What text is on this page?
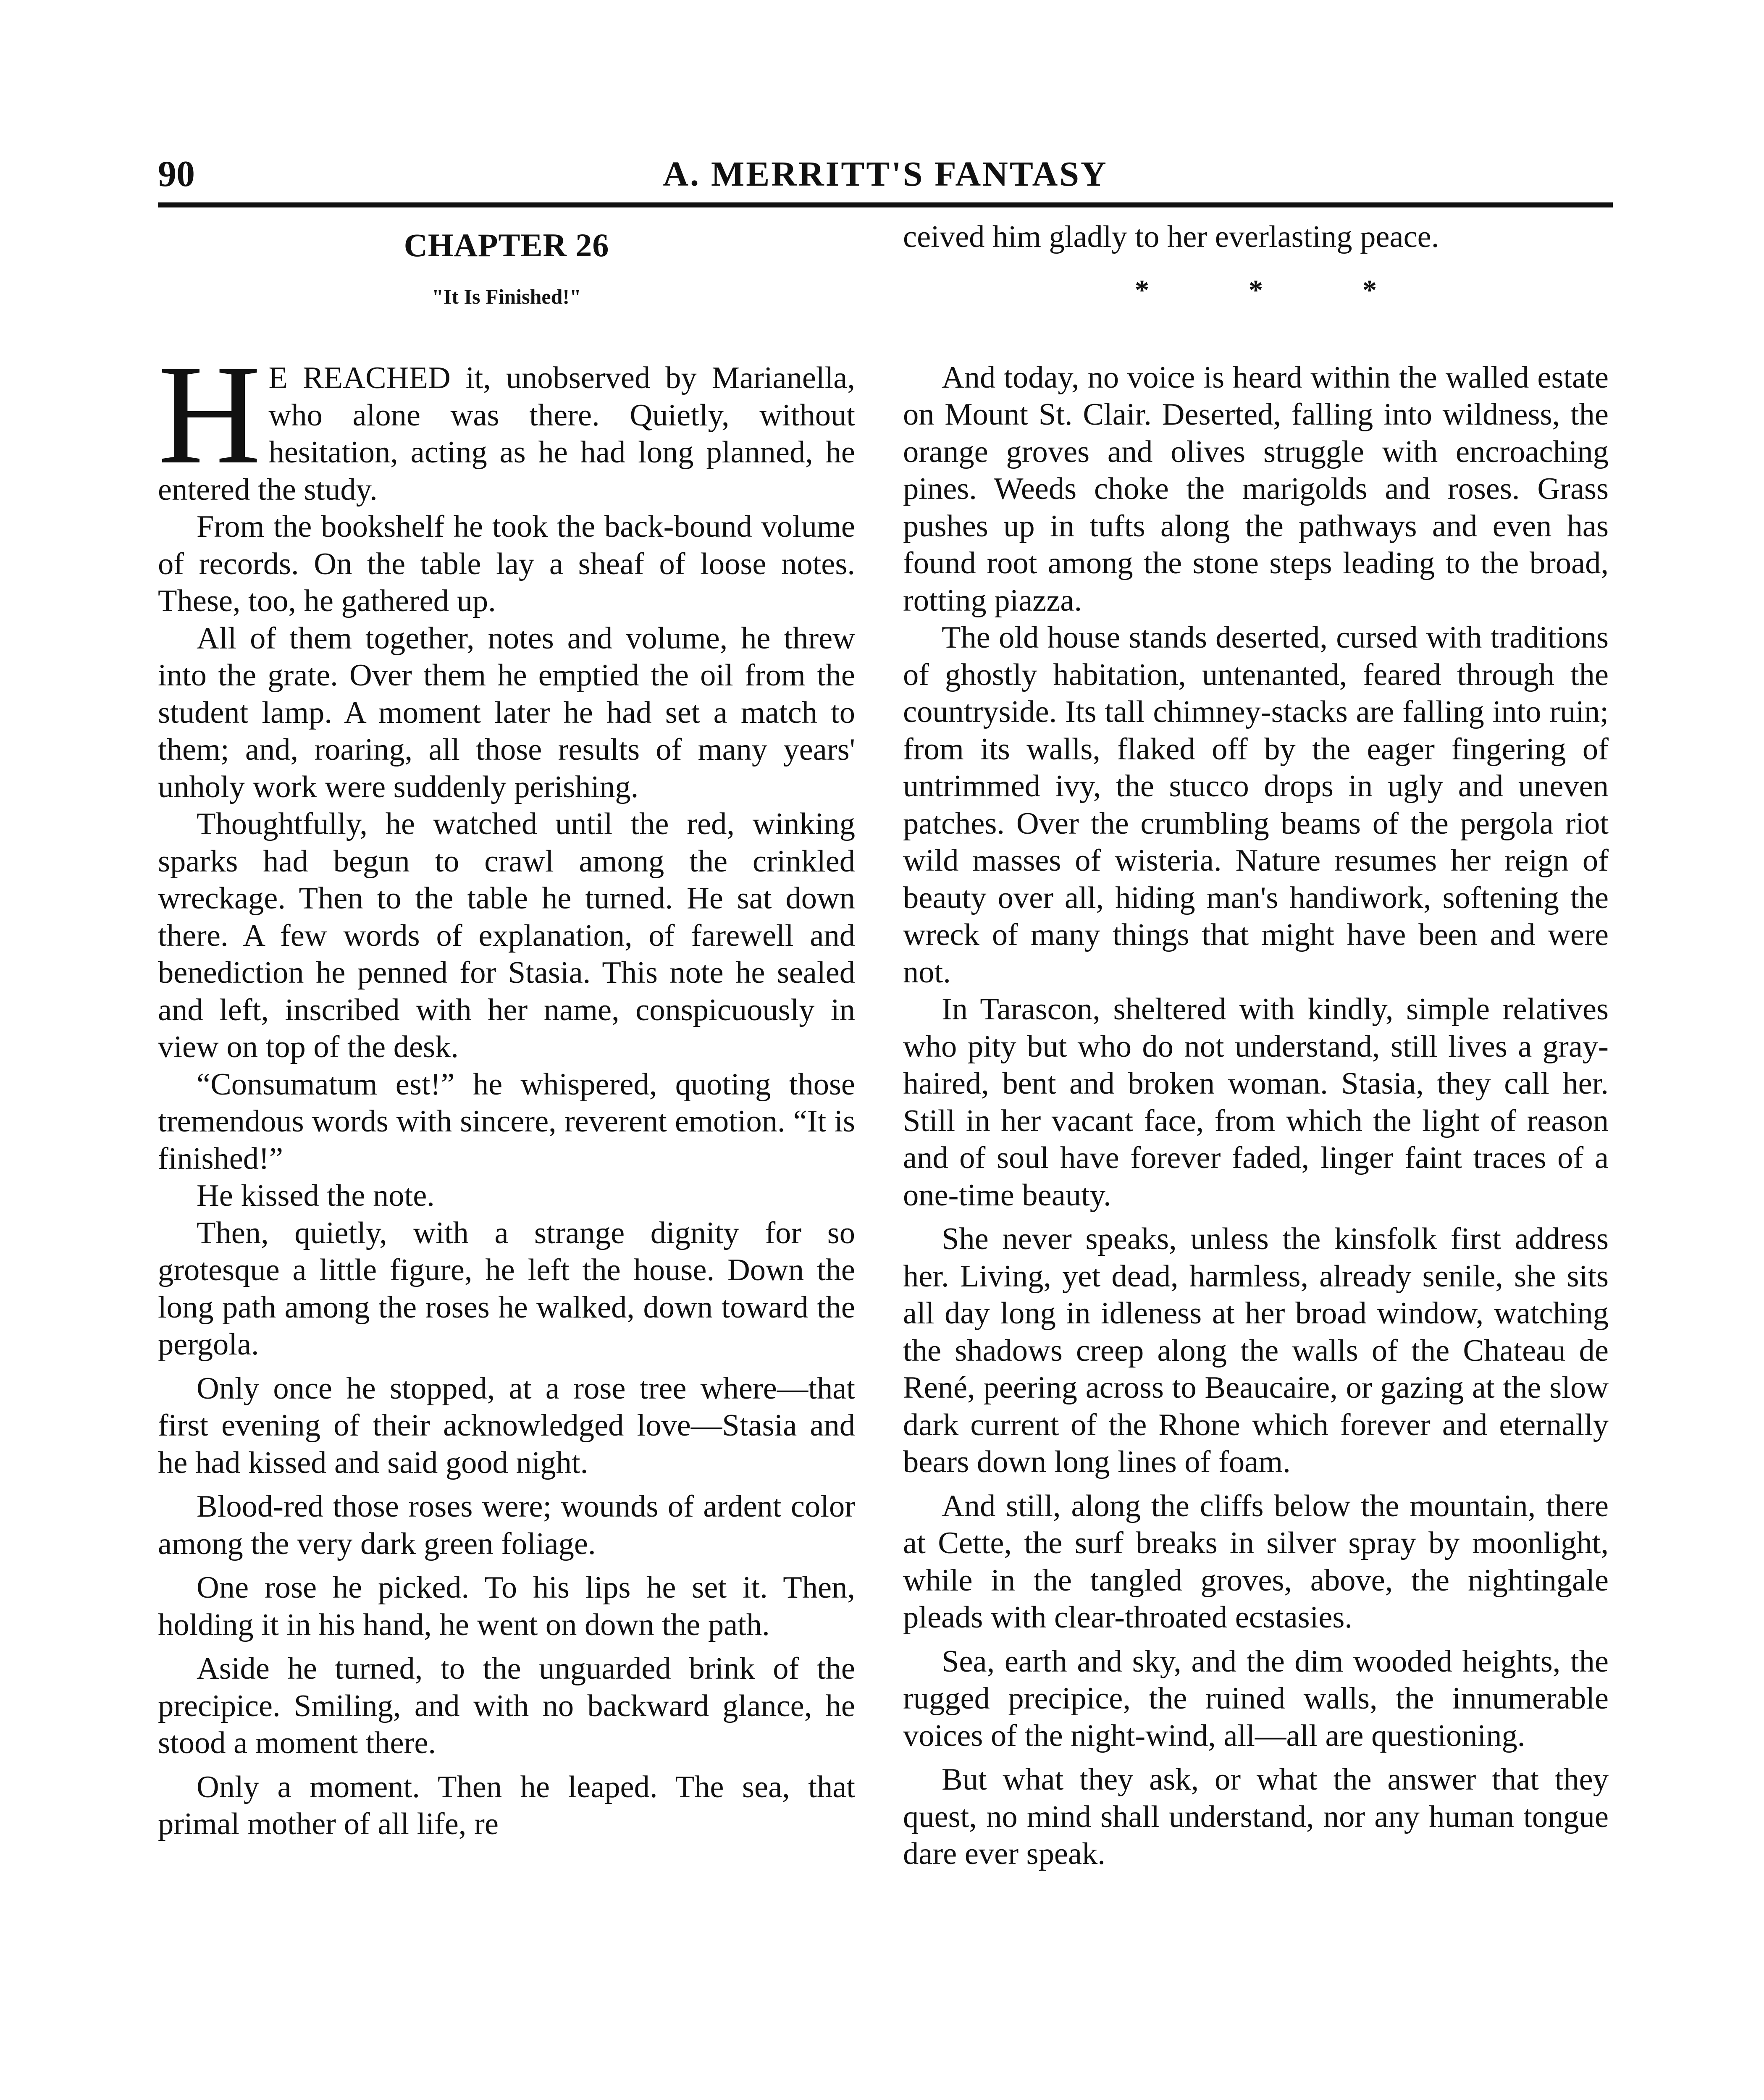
90	A. MERRITT'S FANTASY
CHAPTER 26
"It Is Finished!"

H E REACHED it, unobserved by Marianella, who alone was there. Quietly, without hesitation, acting as he had long planned, he entered the study.

From the bookshelf he took the back-bound volume of records. On the table lay a sheaf of loose notes. These, too, he gathered up.

All of them together, notes and volume, he threw into the grate. Over them he emptied the oil from the student lamp. A moment later he had set a match to them; and, roaring, all those results of many years' unholy work were suddenly perishing.

Thoughtfully, he watched until the red, winking sparks had begun to crawl among the crinkled wreckage. Then to the table he turned. He sat down there. A few words of explanation, of farewell and benediction he penned for Stasia. This note he sealed and left, inscribed with her name, conspicuously in view on top of the desk.

“Consumatum est!” he whispered, quoting those tremendous words with sincere, reverent emotion. “It is finished!”

He kissed the note.

Then, quietly, with a strange dignity for so grotesque a little figure, he left the house. Down the long path among the roses he walked, down toward the pergola.

Only once he stopped, at a rose tree where—that first evening of their acknowledged love—Stasia and he had kissed and said good night.

Blood-red those roses were; wounds of ardent color among the very dark green foliage.

One rose he picked. To his lips he set it. Then, holding it in his hand, he went on down the path.

Aside he turned, to the unguarded brink of the precipice. Smiling, and with no backward glance, he stood a moment there.

Only a moment. Then he leaped. The sea, that primal mother of all life, re

ceived him gladly to her everlasting peace.

* * *

And today, no voice is heard within the walled estate on Mount St. Clair. Deserted, falling into wildness, the orange groves and olives struggle with encroaching pines. Weeds choke the marigolds and roses. Grass pushes up in tufts along the pathways and even has found root among the stone steps leading to the broad, rotting piazza.

The old house stands deserted, cursed with traditions of ghostly habitation, untenanted, feared through the countryside. Its tall chimney-stacks are falling into ruin; from its walls, flaked off by the eager fingering of untrimmed ivy, the stucco drops in ugly and uneven patches. Over the crumbling beams of the pergola riot wild masses of wisteria. Nature resumes her reign of beauty over all, hiding man's handiwork, softening the wreck of many things that might have been and were not.

In Tarascon, sheltered with kindly, simple relatives who pity but who do not understand, still lives a gray-haired, bent and broken woman. Stasia, they call her. Still in her vacant face, from which the light of reason and of soul have forever faded, linger faint traces of a one-time beauty.

She never speaks, unless the kinsfolk first address her. Living, yet dead, harmless, already senile, she sits all day long in idleness at her broad window, watching the shadows creep along the walls of the Chateau de René, peering across to Beaucaire, or gazing at the slow dark current of the Rhone which forever and eternally bears down long lines of foam.

And still, along the cliffs below the mountain, there at Cette, the surf breaks in silver spray by moonlight, while in the tangled groves, above, the nightingale pleads with clear-throated ecstasies.

Sea, earth and sky, and the dim wooded heights, the rugged precipice, the ruined walls, the innumerable voices of the night-wind, all—all are questioning.

But what they ask, or what the answer that they quest, no mind shall understand, nor any human tongue dare ever speak.
